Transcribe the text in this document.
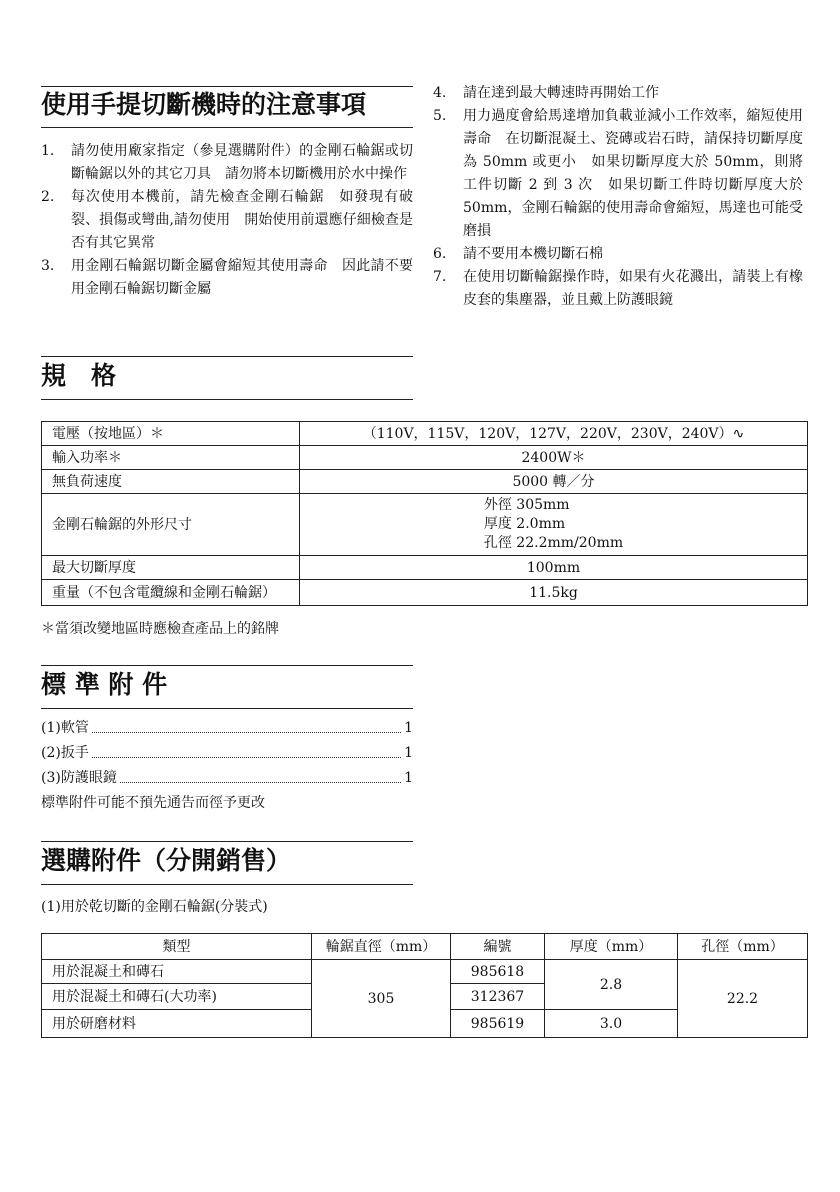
使用手提切斷機時的注意事項
1. 請勿使用廠家指定（參見選購附件）的金剛石輪鋸或切斷輪鋸以外的其它刀具　請勿將本切斷機用於水中操作
2. 每次使用本機前，請先檢查金剛石輪鋸　如發現有破裂、損傷或彎曲,請勿使用　開始使用前還應仔細檢查是否有其它異常
3. 用金剛石輪鋸切斷金屬會縮短其使用壽命　因此請不要用金剛石輪鋸切斷金屬
4. 請在達到最大轉速時再開始工作
5. 用力過度會給馬達增加負載並減小工作效率，縮短使用壽命　在切斷混凝土、瓷磚或岩石時，請保持切斷厚度為 50mm 或更小　如果切斷厚度大於 50mm，則將工件切斷 2 到 3 次　如果切斷工件時切斷厚度大於 50mm，金剛石輪鋸的使用壽命會縮短，馬達也可能受磨損
6. 請不要用本機切斷石棉
7. 在使用切斷輪鋸操作時，如果有火花濺出，請裝上有橡皮套的集塵器，並且戴上防護眼鏡
規　格
電壓（按地區）＊	（110V，115V，120V，127V，220V，230V，240V）∿
輸入功率＊	2400W＊
無負荷速度	5000 轉／分
金剛石輪鋸的外形尺寸	外徑 305mm
厚度 2.0mm
孔徑 22.2mm/20mm

最大切斷厚度	100mm
重量（不包含電纜線和金剛石輪鋸）	11.5kg
＊當須改變地區時應檢查產品上的銘牌
標 準 附 件
(1)軟管	1
(2)扳手	1
(3)防護眼鏡	1
標準附件可能不預先通告而徑予更改
選購附件（分開銷售）
(1)用於乾切斷的金剛石輪鋸(分裝式)
類型	輪鋸直徑（mm）	編號	厚度（mm）	孔徑（mm）
用於混凝土和磚石	305	985618	2.8	22.2
用於混凝土和磚石(大功率)		312367		
用於研磨材料		985619	3.0	
